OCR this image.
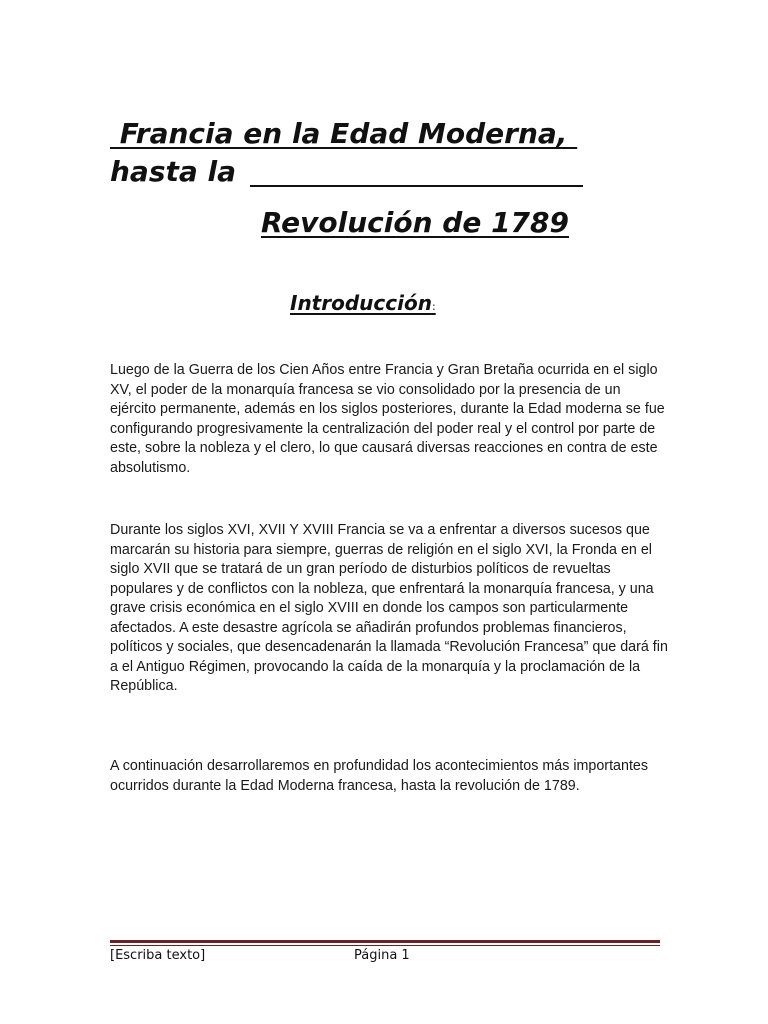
Francia en la Edad Moderna,
hasta la
Revolución de 1789
Introducción:

Luego de la Guerra de los Cien Años entre Francia y Gran Bretaña ocurrida en el siglo XV, el poder de la monarquía francesa se vio consolidado por la presencia de un ejército permanente, además en los siglos posteriores, durante la Edad moderna se fue configurando progresivamente la centralización del poder real y el control por parte de este, sobre la nobleza y el clero, lo que causará diversas reacciones en contra de este absolutismo.

Durante los siglos XVI, XVII Y XVIII Francia se va a enfrentar a diversos sucesos que marcarán su historia para siempre, guerras de religión en el siglo XVI, la Fronda en el siglo XVII que se tratará de un gran período de disturbios políticos de revueltas populares y de conflictos con la nobleza, que enfrentará la monarquía francesa, y una grave crisis económica en el siglo XVIII en donde los campos son particularmente afectados. A este desastre agrícola se añadirán profundos problemas financieros, políticos y sociales, que desencadenarán la llamada “Revolución Francesa” que dará fin a el Antiguo Régimen, provocando la caída de la monarquía y la proclamación de la República.

A continuación desarrollaremos en profundidad los acontecimientos más importantes ocurridos durante la Edad Moderna francesa, hasta la revolución de 1789.

[Escriba texto]	Página 1
